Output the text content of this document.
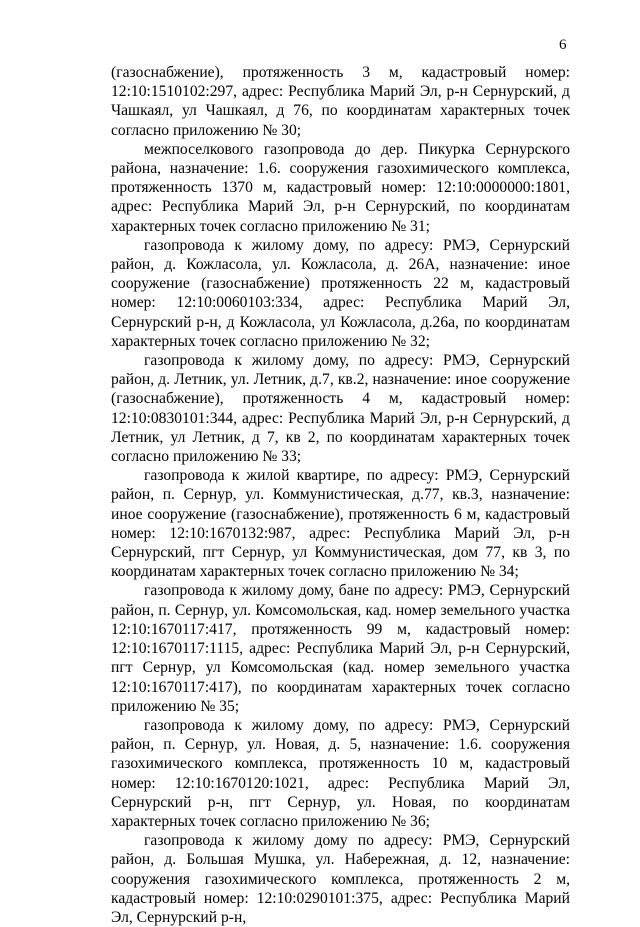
6

(газоснабжение), протяженность 3 м, кадастровый номер: 12:10:1510102:297, адрес: Республика Марий Эл, р-н Сернурский, д Чашкаял, ул Чашкаял, д 76, по координатам характерных точек согласно приложению № 30;

межпоселкового газопровода до дер. Пикурка Сернурского района, назначение: 1.6. сооружения газохимического комплекса, протяженность 1370 м, кадастровый номер: 12:10:0000000:1801, адрес: Республика Марий Эл, р-н Сернурский, по координатам характерных точек согласно приложению № 31;

газопровода к жилому дому, по адресу: РМЭ, Сернурский район, д. Кожласола, ул. Кожласола, д. 26А, назначение: иное сооружение (газоснабжение) протяженность 22 м, кадастровый номер: 12:10:0060103:334, адрес: Республика Марий Эл, Сернурский р-н, д Кожласола, ул Кожласола, д.26а, по координатам характерных точек согласно приложению № 32;

газопровода к жилому дому, по адресу: РМЭ, Сернурский район, д. Летник, ул. Летник, д.7, кв.2, назначение: иное сооружение (газоснабжение), протяженность 4 м, кадастровый номер: 12:10:0830101:344, адрес: Республика Марий Эл, р-н Сернурский, д Летник, ул Летник, д 7, кв 2, по координатам характерных точек согласно приложению № 33;

газопровода к жилой квартире, по адресу: РМЭ, Сернурский район, п. Сернур, ул. Коммунистическая, д.77, кв.3, назначение: иное сооружение (газоснабжение), протяженность 6 м, кадастровый номер: 12:10:1670132:987, адрес: Республика Марий Эл, р-н Сернурский, пгт Сернур, ул Коммунистическая, дом 77, кв 3, по координатам характерных точек согласно приложению № 34;

газопровода к жилому дому, бане по адресу: РМЭ, Сернурский район, п. Сернур, ул. Комсомольская, кад. номер земельного участка 12:10:1670117:417, протяженность 99 м, кадастровый номер: 12:10:1670117:1115, адрес: Республика Марий Эл, р-н Сернурский, пгт Сернур, ул Комсомольская (кад. номер земельного участка 12:10:1670117:417), по координатам характерных точек согласно приложению № 35;

газопровода к жилому дому, по адресу: РМЭ, Сернурский район, п. Сернур, ул. Новая, д. 5, назначение: 1.6. сооружения газохимического комплекса, протяженность 10 м, кадастровый номер: 12:10:1670120:1021, адрес: Республика Марий Эл, Сернурский р-н, пгт Сернур, ул. Новая, по координатам характерных точек согласно приложению № 36;

газопровода к жилому дому по адресу: РМЭ, Сернурский район, д. Большая Мушка, ул. Набережная, д. 12, назначение: сооружения газохимического комплекса, протяженность 2 м, кадастровый номер: 12:10:0290101:375, адрес: Республика Марий Эл, Сернурский р-н,
